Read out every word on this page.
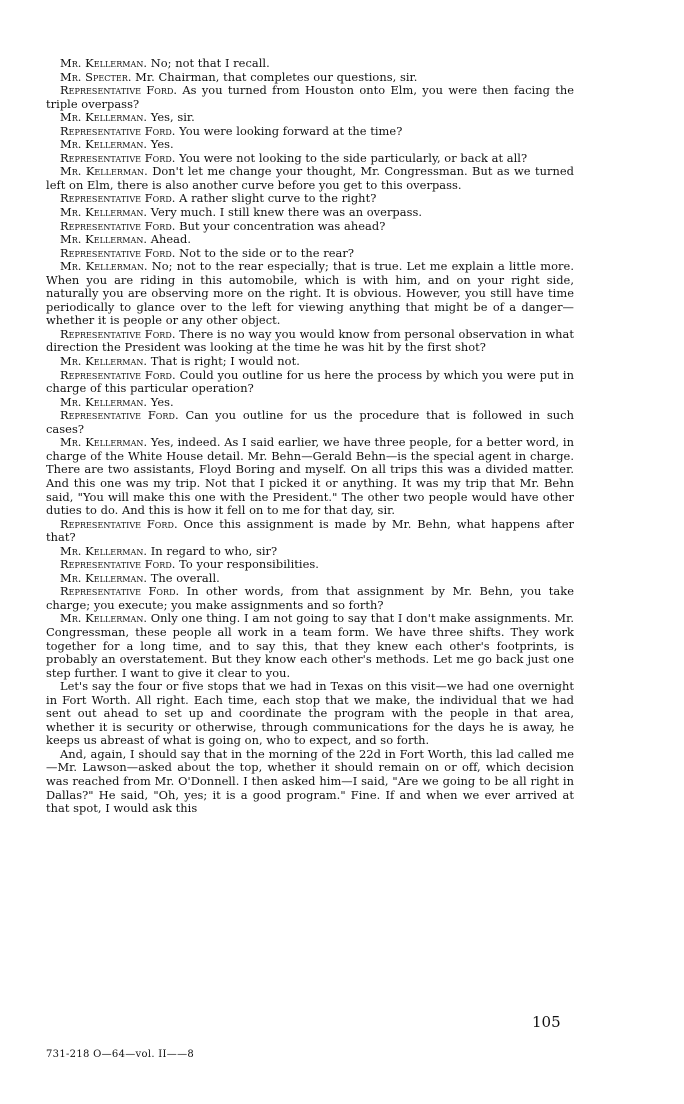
Mr. Kellerman. No; not that I recall.

Mr. Specter. Mr. Chairman, that completes our questions, sir.

Representative Ford. As you turned from Houston onto Elm, you were then facing the triple overpass?

Mr. Kellerman. Yes, sir.

Representative Ford. You were looking forward at the time?

Mr. Kellerman. Yes.

Representative Ford. You were not looking to the side particularly, or back at all?

Mr. Kellerman. Don't let me change your thought, Mr. Congressman. But as we turned left on Elm, there is also another curve before you get to this overpass.

Representative Ford. A rather slight curve to the right?

Mr. Kellerman. Very much. I still knew there was an overpass.

Representative Ford. But your concentration was ahead?

Mr. Kellerman. Ahead.

Representative Ford. Not to the side or to the rear?

Mr. Kellerman. No; not to the rear especially; that is true. Let me explain a little more. When you are riding in this automobile, which is with him, and on your right side, naturally you are observing more on the right. It is obvious. However, you still have time periodically to glance over to the left for viewing anything that might be of a danger—whether it is people or any other object.

Representative Ford. There is no way you would know from personal observation in what direction the President was looking at the time he was hit by the first shot?

Mr. Kellerman. That is right; I would not.

Representative Ford. Could you outline for us here the process by which you were put in charge of this particular operation?

Mr. Kellerman. Yes.

Representative Ford. Can you outline for us the procedure that is followed in such cases?

Mr. Kellerman. Yes, indeed. As I said earlier, we have three people, for a better word, in charge of the White House detail. Mr. Behn—Gerald Behn—is the special agent in charge. There are two assistants, Floyd Boring and myself. On all trips this was a divided matter. And this one was my trip. Not that I picked it or anything. It was my trip that Mr. Behn said, "You will make this one with the President." The other two people would have other duties to do. And this is how it fell on to me for that day, sir.

Representative Ford. Once this assignment is made by Mr. Behn, what happens after that?

Mr. Kellerman. In regard to who, sir?

Representative Ford. To your responsibilities.

Mr. Kellerman. The overall.

Representative Ford. In other words, from that assignment by Mr. Behn, you take charge; you execute; you make assignments and so forth?

Mr. Kellerman. Only one thing. I am not going to say that I don't make assignments. Mr. Congressman, these people all work in a team form. We have three shifts. They work together for a long time, and to say this, that they knew each other's footprints, is probably an overstatement. But they know each other's methods. Let me go back just one step further. I want to give it clear to you.

Let's say the four or five stops that we had in Texas on this visit—we had one overnight in Fort Worth. All right. Each time, each stop that we make, the individual that we had sent out ahead to set up and coordinate the program with the people in that area, whether it is security or otherwise, through communications for the days he is away, he keeps us abreast of what is going on, who to expect, and so forth.

And, again, I should say that in the morning of the 22d in Fort Worth, this lad called me—Mr. Lawson—asked about the top, whether it should remain on or off, which decision was reached from Mr. O'Donnell. I then asked him—I said, "Are we going to be all right in Dallas?" He said, "Oh, yes; it is a good program." Fine. If and when we ever arrived at that spot, I would ask this

105
731-218 O—64—vol. II——8
